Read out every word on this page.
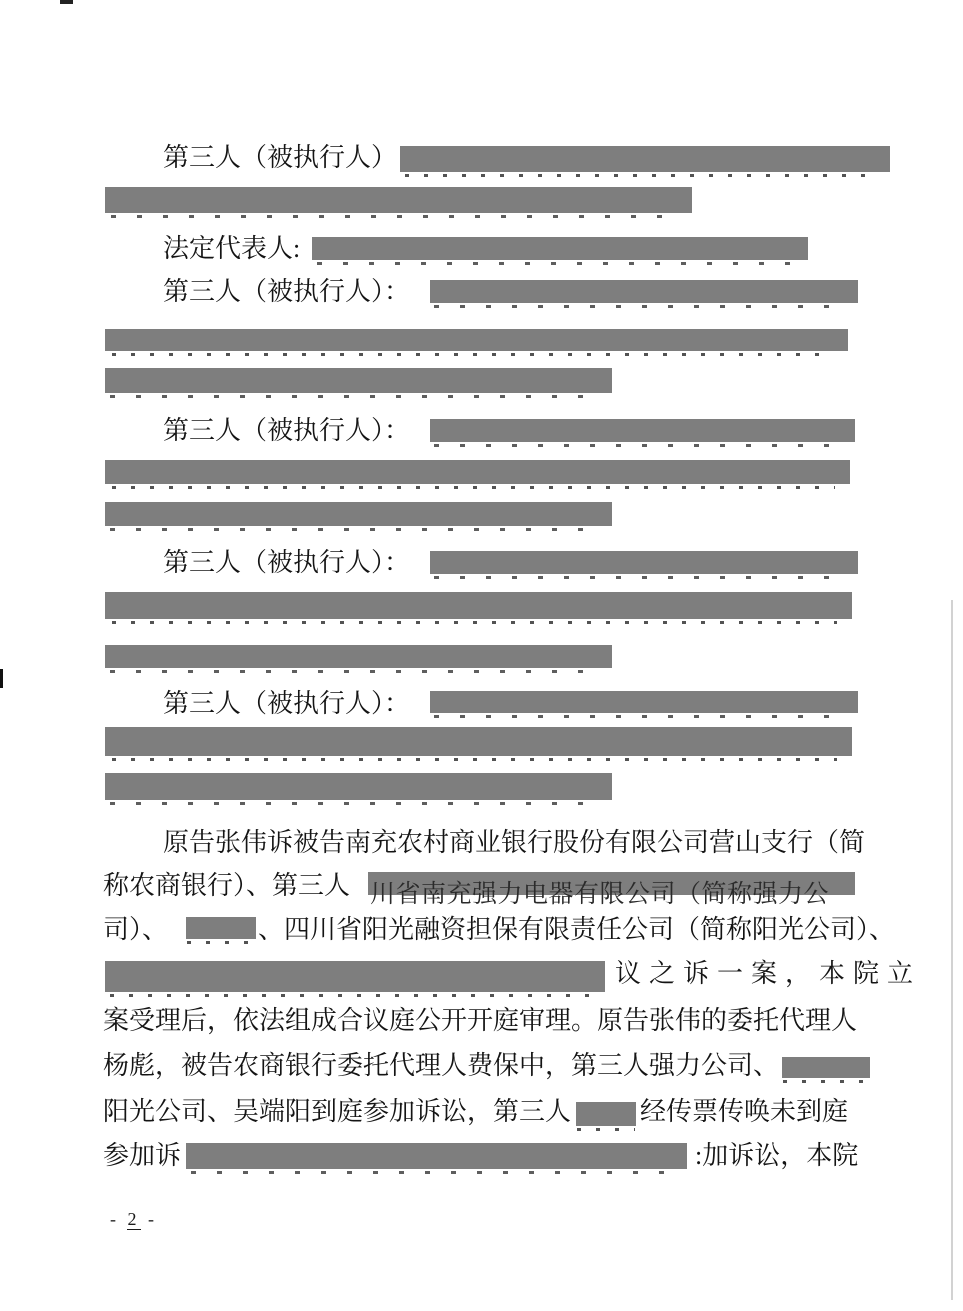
第三人（被执行人）
法定代表人:
第三人（被执行人）：
第三人（被执行人）：
第三人（被执行人）：
第三人（被执行人）：
原告张伟诉被告南充农村商业银行股份有限公司营山支行（简
称农商银行）、第三人 川省南充强力电器有限公司（简称强力公
司）、	、四川省阳光融资担保有限责任公司（简称阳光公司）、
议之诉一案，本院立
案受理后，依法组成合议庭公开开庭审理。原告张伟的委托代理人
杨彪，被告农商银行委托代理人费保中，第三人强力公司、
阳光公司、吴端阳到庭参加诉讼，第三人	经传票传唤未到庭
参加诉	:加诉讼，本院
- 2 -
